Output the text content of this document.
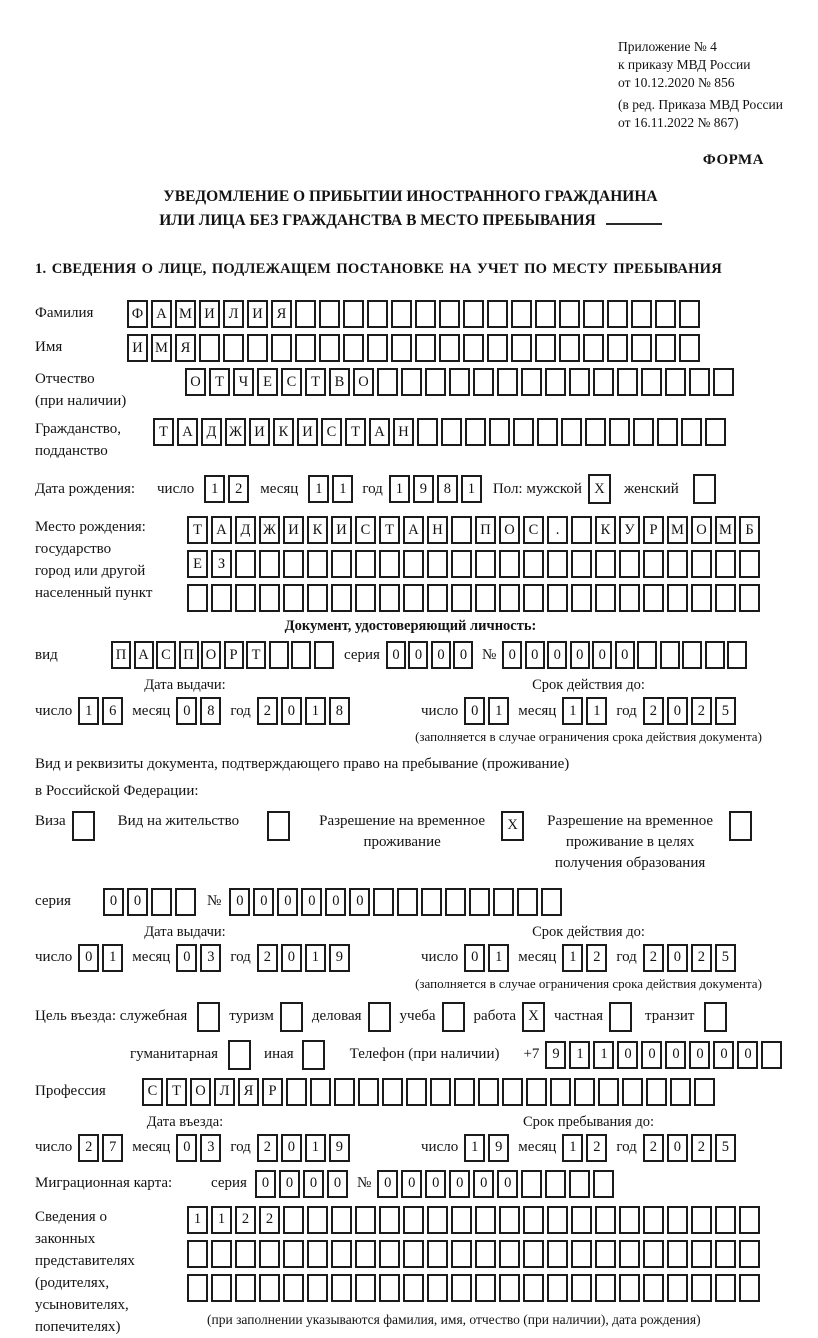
Приложение № 4
к приказу МВД России
от 10.12.2020 № 856
(в ред. Приказа МВД России
от 16.11.2022 № 867)
ФОРМА
УВЕДОМЛЕНИЕ О ПРИБЫТИИ ИНОСТРАННОГО ГРАЖДАНИНА
ИЛИ ЛИЦА БЕЗ ГРАЖДАНСТВА В МЕСТО ПРЕБЫВАНИЯ
1. СВЕДЕНИЯ О ЛИЦЕ, ПОДЛЕЖАЩЕМ ПОСТАНОВКЕ НА УЧЕТ ПО МЕСТУ ПРЕБЫВАНИЯ
Фамилия	Ф А М И Л И Я
Имя	И М Я
Отчество
(при наличии)
О Т	Ч	Е	С	Т	В О
Гражданство,
подданство
Т А Д Ж И К И С	Т А Н
Дата рождения:	число	1	2	месяц	1	1	год 1	9	8	1	Пол: мужской X	женский
Место рождения:
государство
город или другой
населенный пункт
Т А Д Ж И К И С	Т А Н	П О С	.	К У	Р М О М Б
Е	З
Документ, удостоверяющий личность:
вид	П А С П О Р Т	серия 0	0	0	0 № 0	0	0	0	0	0
Дата выдачи:
число 1	6	месяц 0	8	год 2	0	1	8
Срок действия до:
число 0	1	месяц 1	1	год 2	0	2	5
(заполняется в случае ограничения срока действия документа)
Вид и реквизиты документа, подтверждающего право на пребывание (проживание)
в Российской Федерации:
Виза	Вид на жительство	Разрешение на временное
проживание
X	Разрешение на временное
проживание в целях
получения образования
серия	0	0	№	0	0	0	0	0	0
Дата выдачи:
число 0	1	месяц 0	3	год 2	0	1	9
Срок действия до:
число 0	1	месяц 1	2	год 2	0	2	5
(заполняется в случае ограничения срока действия документа)
Цель въезда: служебная	туризм	деловая	учеба	работа X	частная	транзит
гуманитарная	иная	Телефон (при наличии) +7 9	1	1	0	0	0	0	0	0
Профессия	С	Т О Л Я	Р
Дата въезда:
число 2	7	месяц 0	3	год 2	0	1	9
Срок пребывания до:
число 1	9	месяц 1	2	год 2	0	2	5
Миграционная карта:	серия	0	0	0	0	№ 0	0	0	0	0	0
Сведения о
законных
представителях
(родителях,
усыновителях,
попечителях)
1	1	2	2
(при заполнении указываются фамилия, имя, отчество (при наличии), дата рождения)
